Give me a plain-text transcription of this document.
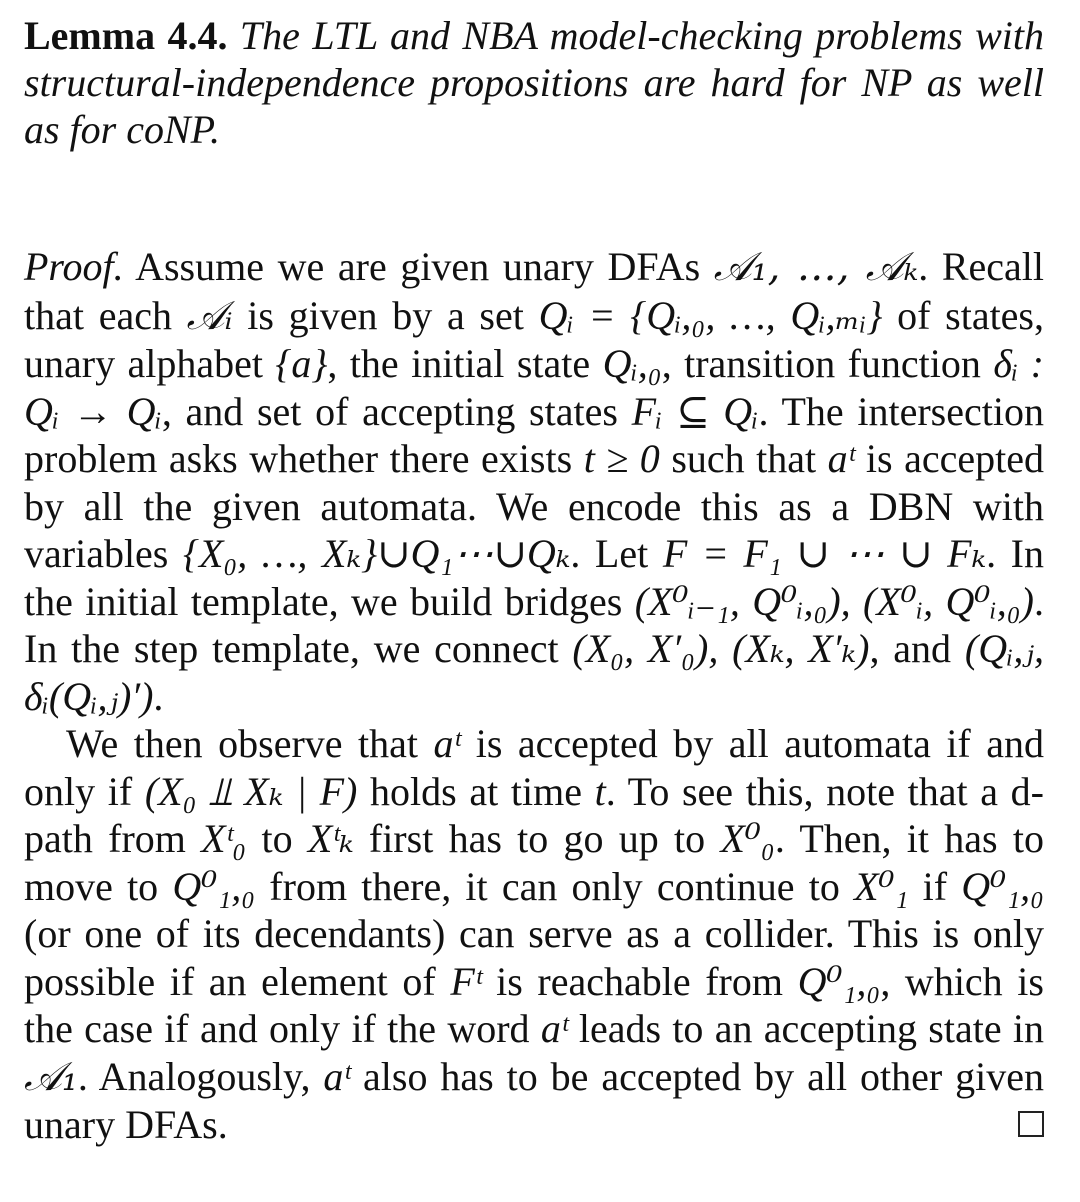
Lemma 4.4. The LTL and NBA model-checking problems with structural-independence propositions are hard for NP as well as for coNP.

Proof. Assume we are given unary DFAs 𝒜₁, …, 𝒜ₖ. Recall that each 𝒜ᵢ is given by a set Qᵢ = {Qᵢ,₀, …, Qᵢ,ₘᵢ} of states, unary alphabet {a}, the initial state Qᵢ,₀, transition function δᵢ : Qᵢ → Qᵢ, and set of accepting states Fᵢ ⊆ Qᵢ. The intersection problem asks whether there exists t ≥ 0 such that aᵗ is accepted by all the given automata. We encode this as a DBN with variables {X₀, …, Xₖ}∪Q₁⋯∪Qₖ. Let F = F₁ ∪ ⋯ ∪ Fₖ. In the initial template, we build bridges (X⁰ᵢ₋₁, Q⁰ᵢ,₀), (X⁰ᵢ, Q⁰ᵢ,₀). In the step template, we connect (X₀, X′₀), (Xₖ, X′ₖ), and (Qᵢ,ⱼ, δᵢ(Qᵢ,ⱼ)′).

We then observe that aᵗ is accepted by all automata if and only if (X₀ ⫫ Xₖ | F) holds at time t. To see this, note that a d-path from Xᵗ₀ to Xᵗₖ first has to go up to X⁰₀. Then, it has to move to Q⁰₁,₀ from there, it can only continue to X⁰₁ if Q⁰₁,₀ (or one of its decendants) can serve as a collider. This is only possible if an element of Fᵗ is reachable from Q⁰₁,₀, which is the case if and only if the word aᵗ leads to an accepting state in 𝒜₁. Analogously, aᵗ also has to be accepted by all other given unary DFAs.
